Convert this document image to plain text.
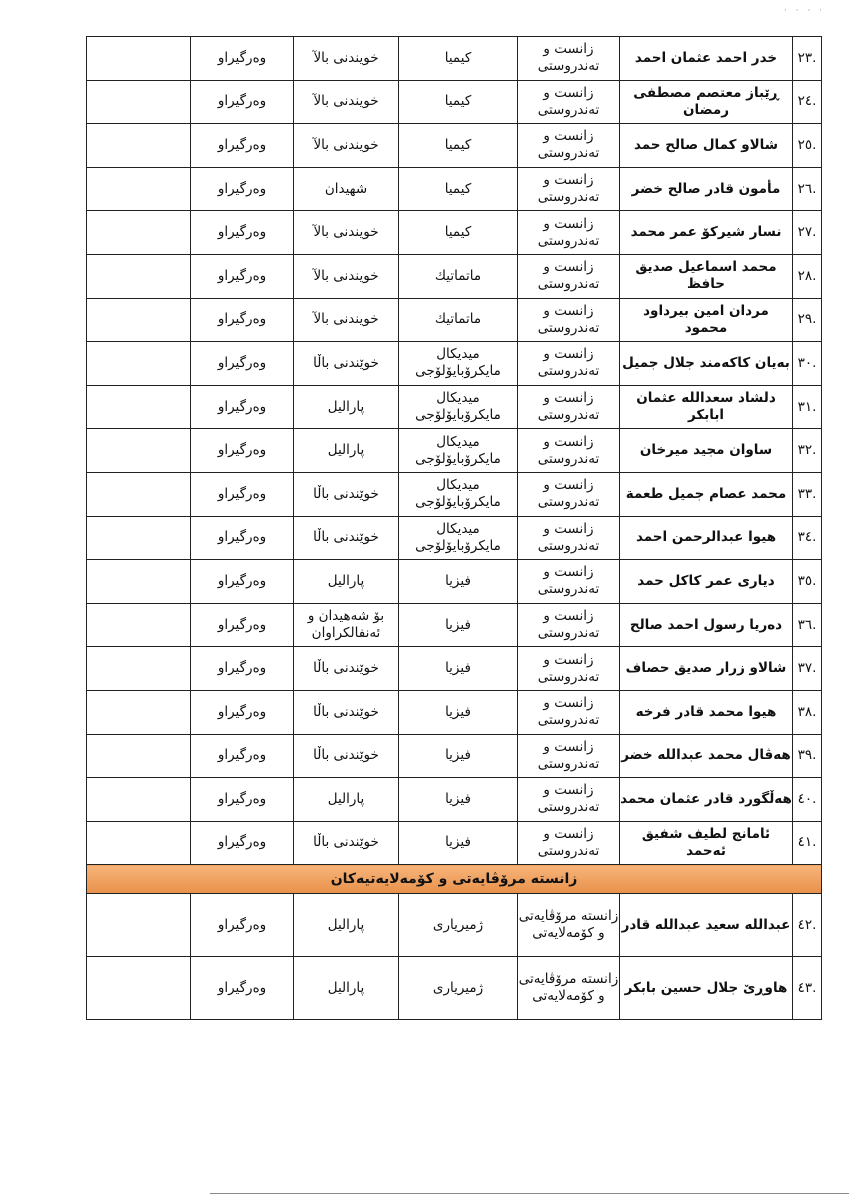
· · · ·
.٢٣	خدر احمد عثمان احمد	زانست و تەندروستی	كيميا	خويندنی بالآ	وەرگيراو	
.٢٤	ڕێباز معتصم مصطفی رمضان	زانست و تەندروستی	كيميا	خويندنی بالآ	وەرگيراو	
.٢٥	شالاو كمال صالح حمد	زانست و تەندروستی	كيميا	خويندنی بالآ	وەرگيراو	
.٢٦	مأمون قادر صالح خضر	زانست و تەندروستی	كيميا	شهيدان	وەرگيراو	
.٢٧	نسار شيركۆ عمر محمد	زانست و تەندروستی	كيميا	خويندنی بالآ	وەرگيراو	
.٢٨	محمد اسماعيل صديق حافظ	زانست و تەندروستی	ماتماتيك	خويندنی بالآ	وەرگيراو	
.٢٩	مردان امين بيرداود محمود	زانست و تەندروستی	ماتماتيك	خويندنی بالآ	وەرگيراو	
.٣٠	بەيان كاكەمند جلال جميل	زانست و تەندروستی	ميديكال مايكرۆبايۆلۆجی	خوێندنی باڵا	وەرگيراو	
.٣١	دلشاد سعدالله عثمان ابابكر	زانست و تەندروستی	ميديكال مايكرۆبايۆلۆجی	پارالیل	وەرگيراو	
.٣٢	ساوان مجيد ميرخان	زانست و تەندروستی	ميديكال مايكرۆبايۆلۆجی	پارالیل	وەرگيراو	
.٣٣	محمد عصام جميل طعمة	زانست و تەندروستی	ميديكال مايكرۆبايۆلۆجی	خوێندنی باڵا	وەرگيراو	
.٣٤	هيوا عبدالرحمن احمد	زانست و تەندروستی	ميديكال مايكرۆبايۆلۆجی	خوێندنی باڵا	وەرگيراو	
.٣٥	دياری عمر كاكل حمد	زانست و تەندروستی	فيزيا	پارالیل	وەرگيراو	
.٣٦	دەريا رسول احمد صالح	زانست و تەندروستی	فيزيا	بۆ شەهيدان و ئەنفالكراوان	وەرگيراو	
.٣٧	شالاو زرار صديق حصاف	زانست و تەندروستی	فيزيا	خوێندنی باڵا	وەرگيراو	
.٣٨	هيوا محمد قادر فرخه	زانست و تەندروستی	فيزيا	خوێندنی باڵا	وەرگيراو	
.٣٩	هەڤال محمد عبدالله خضر	زانست و تەندروستی	فيزيا	خوێندنی باڵا	وەرگيراو	
.٤٠	هەڵگورد قادر عثمان محمد	زانست و تەندروستی	فيزيا	پارالیل	وەرگيراو	
.٤١	ئامانج لطيف شفيق ئەحمد	زانست و تەندروستی	فيزيا	خوێندنی باڵا	وەرگيراو	
زانستە مرۆڤايەتی و كۆمەلايەتيەكان						
.٤٢	عبدالله سعيد عبدالله قادر	زانستە مرۆڤايەتی و كۆمەلايەتی	ژميرياری	پارالیل	وەرگيراو	
.٤٣	هاوڕێ جلال حسين بابكر	زانستە مرۆڤايەتی و كۆمەلايەتی	ژميرياری	پارالیل	وەرگيراو	
